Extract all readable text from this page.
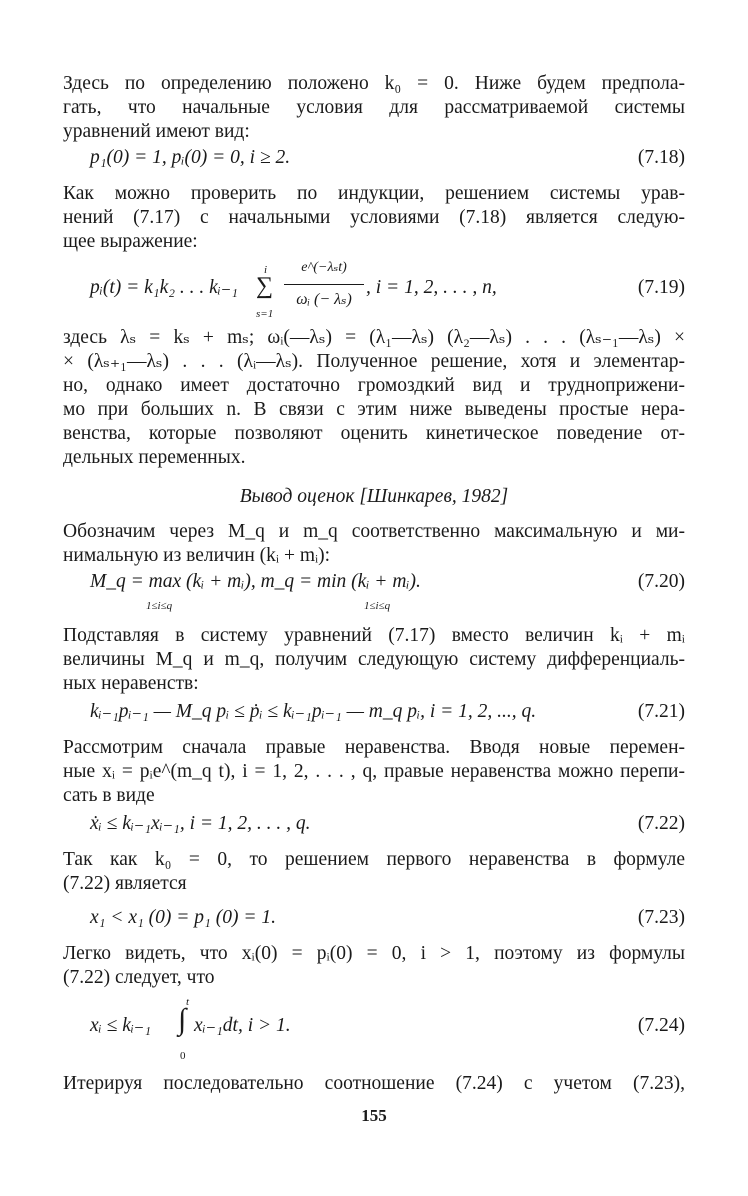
Здесь по определению положено k₀ = 0. Ниже будем предпола-
гать, что начальные условия для рассматриваемой системы
уравнений имеют вид:
p₁(0) = 1, pᵢ(0) = 0, i ≥ 2.	(7.18)
Как можно проверить по индукции, решением системы урав-
нений (7.17) с начальными условиями (7.18) является следую-
щее выражение:
pᵢ(t) = k₁k₂ . . . kᵢ₋₁
i
∑
s=1
e^(−λₛt)
ωᵢ (− λₛ)
, i = 1, 2, . . . , n,	(7.19)
здесь λₛ = kₛ + mₛ; ωᵢ(—λₛ) = (λ₁—λₛ) (λ₂—λₛ) . . . (λₛ₋₁—λₛ) ×
× (λₛ₊₁—λₛ) . . . (λᵢ—λₛ). Полученное решение, хотя и элементар-
но, однако имеет достаточно громоздкий вид и трудноприжени-
мо при больших n. В связи с этим ниже выведены простые нера-
венства, которые позволяют оценить кинетическое поведение от-
дельных переменных.
Вывод оценок [Шинкарев, 1982]
Обозначим через M_q и m_q соответственно максимальную и ми-
нимальную из величин (kᵢ + mᵢ):
M_q = max (kᵢ + mᵢ), m_q = min (kᵢ + mᵢ).
1≤i≤q	1≤i≤q
(7.20)
Подставляя в систему уравнений (7.17) вместо величин kᵢ + mᵢ
величины M_q и m_q, получим следующую систему дифференциаль-
ных неравенств:
kᵢ₋₁pᵢ₋₁ — M_q pᵢ ≤ ṗᵢ ≤ kᵢ₋₁pᵢ₋₁ — m_q pᵢ, i = 1, 2, ..., q.	(7.21)
Рассмотрим сначала правые неравенства. Вводя новые перемен-
ные xᵢ = pᵢe^(m_q t), i = 1, 2, . . . , q, правые неравенства можно перепи-
сать в виде
ẋᵢ ≤ kᵢ₋₁xᵢ₋₁, i = 1, 2, . . . , q.	(7.22)
Так как k₀ = 0, то решением первого неравенства в формуле
(7.22) является
x₁ < x₁ (0) = p₁ (0) = 1.	(7.23)
Легко видеть, что xᵢ(0) = pᵢ(0) = 0, i > 1, поэтому из формулы
(7.22) следует, что
xᵢ ≤ kᵢ₋₁
t
∫
0
xᵢ₋₁dt, i > 1.	(7.24)
Итерируя последовательно соотношение (7.24) с учетом (7.23),
155
